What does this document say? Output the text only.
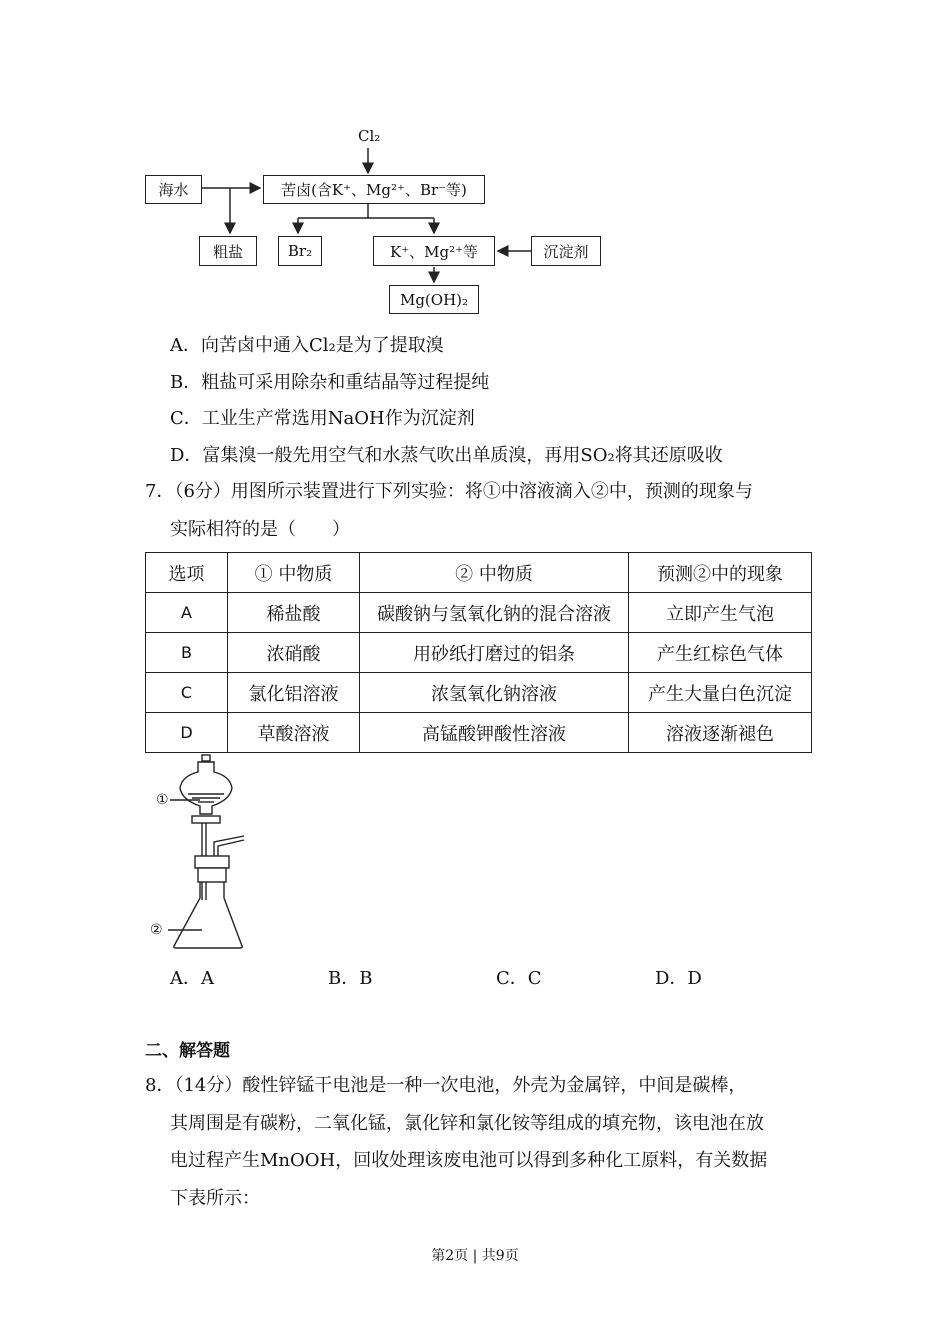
Cl₂
海水	苦卤(含K⁺、Mg²⁺、Br⁻等)
粗盐	Br₂	K⁺、Mg²⁺等	沉淀剂
Mg(OH)₂
A．向苦卤中通入Cl₂是为了提取溴
B．粗盐可采用除杂和重结晶等过程提纯
C．工业生产常选用NaOH作为沉淀剂
D．富集溴一般先用空气和水蒸气吹出单质溴，再用SO₂将其还原吸收
7．（6分）用图所示装置进行下列实验：将①中溶液滴入②中，预测的现象与
实际相符的是（　　）
选项	① 中物质	② 中物质	预测②中的现象
A	稀盐酸	碳酸钠与氢氧化钠的混合溶液	立即产生气泡
B	浓硝酸	用砂纸打磨过的铝条	产生红棕色气体
C	氯化铝溶液	浓氢氧化钠溶液	产生大量白色沉淀
D	草酸溶液	高锰酸钾酸性溶液	溶液逐渐褪色
①
②
A．A	B．B	C．C	D．D
二、解答题
8．（14分）酸性锌锰干电池是一种一次电池，外壳为金属锌，中间是碳棒，
其周围是有碳粉，二氧化锰，氯化锌和氯化铵等组成的填充物，该电池在放
电过程产生MnOOH，回收处理该废电池可以得到多种化工原料，有关数据
下表所示：
第2页 | 共9页
